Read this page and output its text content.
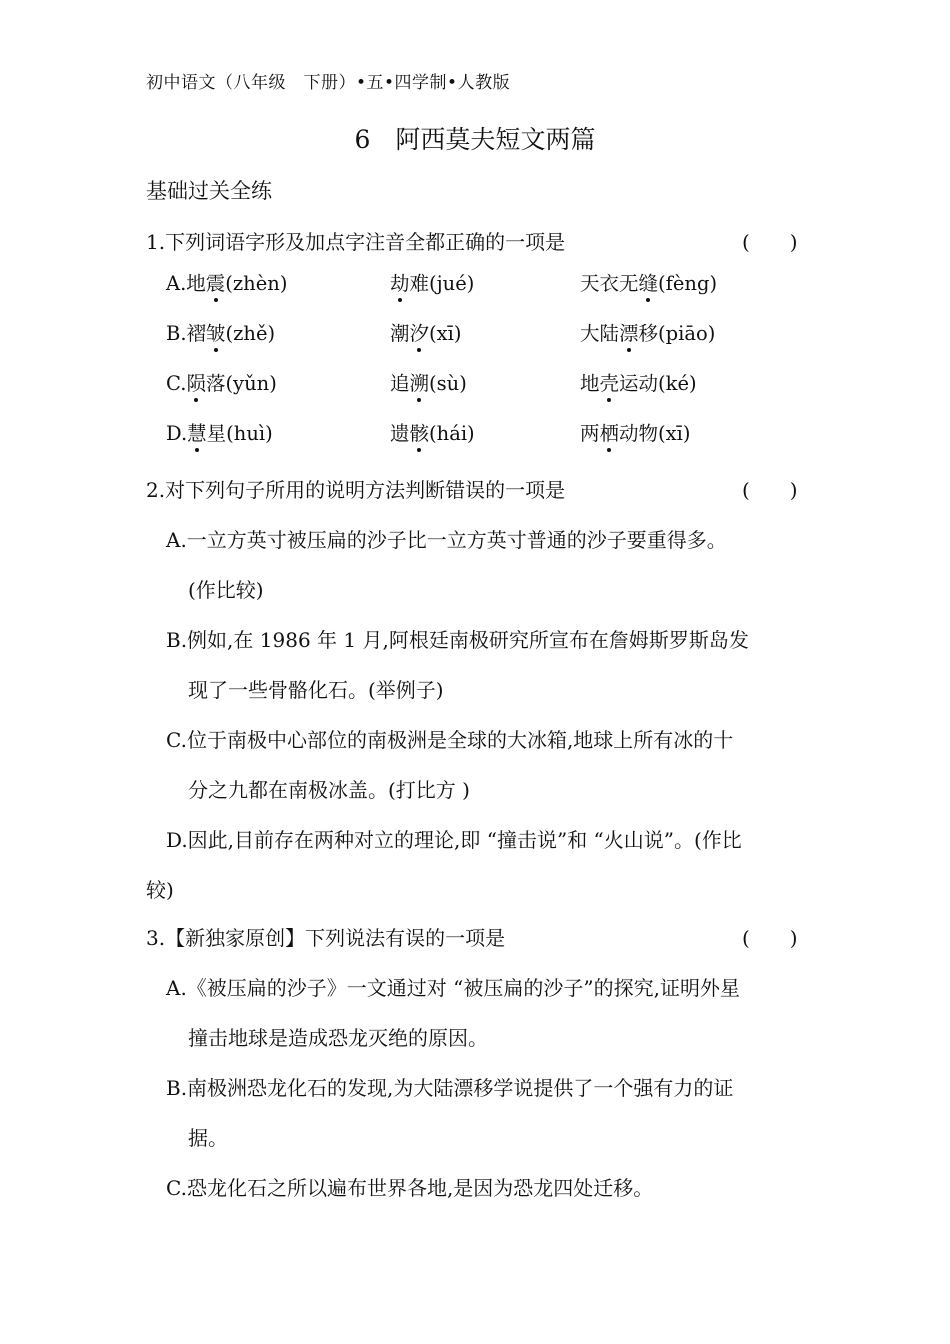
初中语文（八年级　下册）•五•四学制•人教版
6　阿西莫夫短文两篇
基础过关全练
1.下列词语字形及加点字注音全都正确的一项是	(　　)
A.地震(zhèn)	劫难(jué)	天衣无缝(fèng)
B.褶皱(zhě)	潮汐(xī)	大陆漂移(piāo)
C.陨落(yǔn)	追溯(sù)	地壳运动(ké)
D.慧星(huì)	遗骸(hái)	两栖动物(xī)
2.对下列句子所用的说明方法判断错误的一项是	(　　)
A.一立方英寸被压扁的沙子比一立方英寸普通的沙子要重得多。
(作比较)
B.例如,在 1986 年 1 月,阿根廷南极研究所宣布在詹姆斯罗斯岛发
现了一些骨骼化石。(举例子)
C.位于南极中心部位的南极洲是全球的大冰箱,地球上所有冰的十
分之九都在南极冰盖。(打比方 )
D.因此,目前存在两种对立的理论,即 “撞击说”和 “火山说”。(作比
较)
3.【新独家原创】下列说法有误的一项是	(　　)
A.《被压扁的沙子》一文通过对 “被压扁的沙子”的探究,证明外星
撞击地球是造成恐龙灭绝的原因。
B.南极洲恐龙化石的发现,为大陆漂移学说提供了一个强有力的证
据。
C.恐龙化石之所以遍布世界各地,是因为恐龙四处迁移。
